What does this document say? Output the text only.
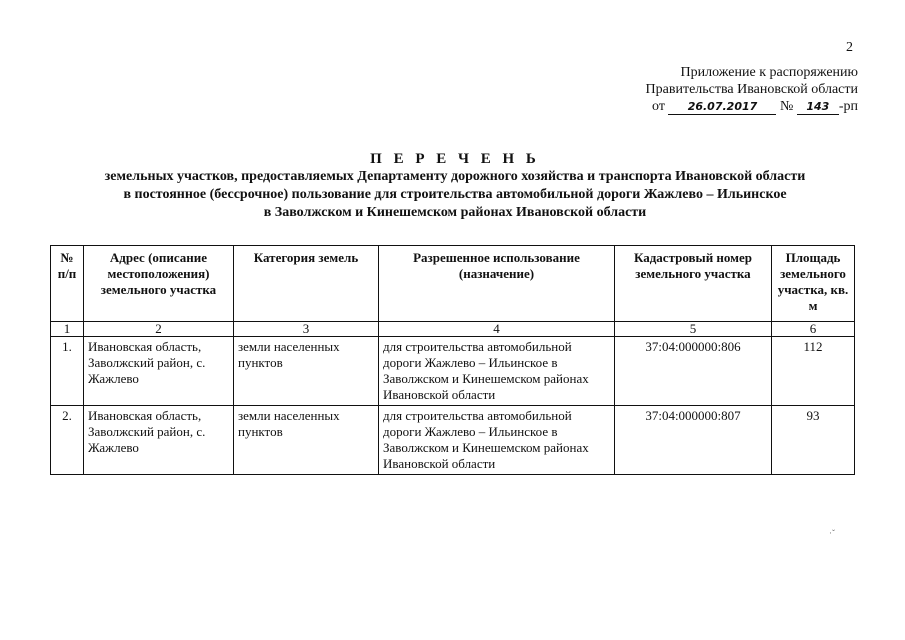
2
Приложение к распоряжению
Правительства Ивановской области
от 26.07.2017 № 143 -рп
П Е Р Е Ч Е Н Ь
земельных участков, предоставляемых Департаменту дорожного хозяйства и транспорта Ивановской области
в постоянное (бессрочное) пользование для строительства автомобильной дороги Жажлево – Ильинское
в Заволжском и Кинешемском районах Ивановской области
№ п/п	Адрес (описание местоположения) земельного участка	Категория земель	Разрешенное использование (назначение)	Кадастровый номер земельного участка	Площадь земельного участка, кв. м
1	2	3	4	5	6
1.	Ивановская область, Заволжский район, с. Жажлево	земли населенных пунктов	для строительства автомобильной дороги Жажлево – Ильинское в Заволжском и Кинешемском районах Ивановской области	37:04:000000:806	112
2.	Ивановская область, Заволжский район, с. Жажлево	земли населенных пунктов	для строительства автомобильной дороги Жажлево – Ильинское в Заволжском и Кинешемском районах Ивановской области	37:04:000000:807	93
·ˇ
